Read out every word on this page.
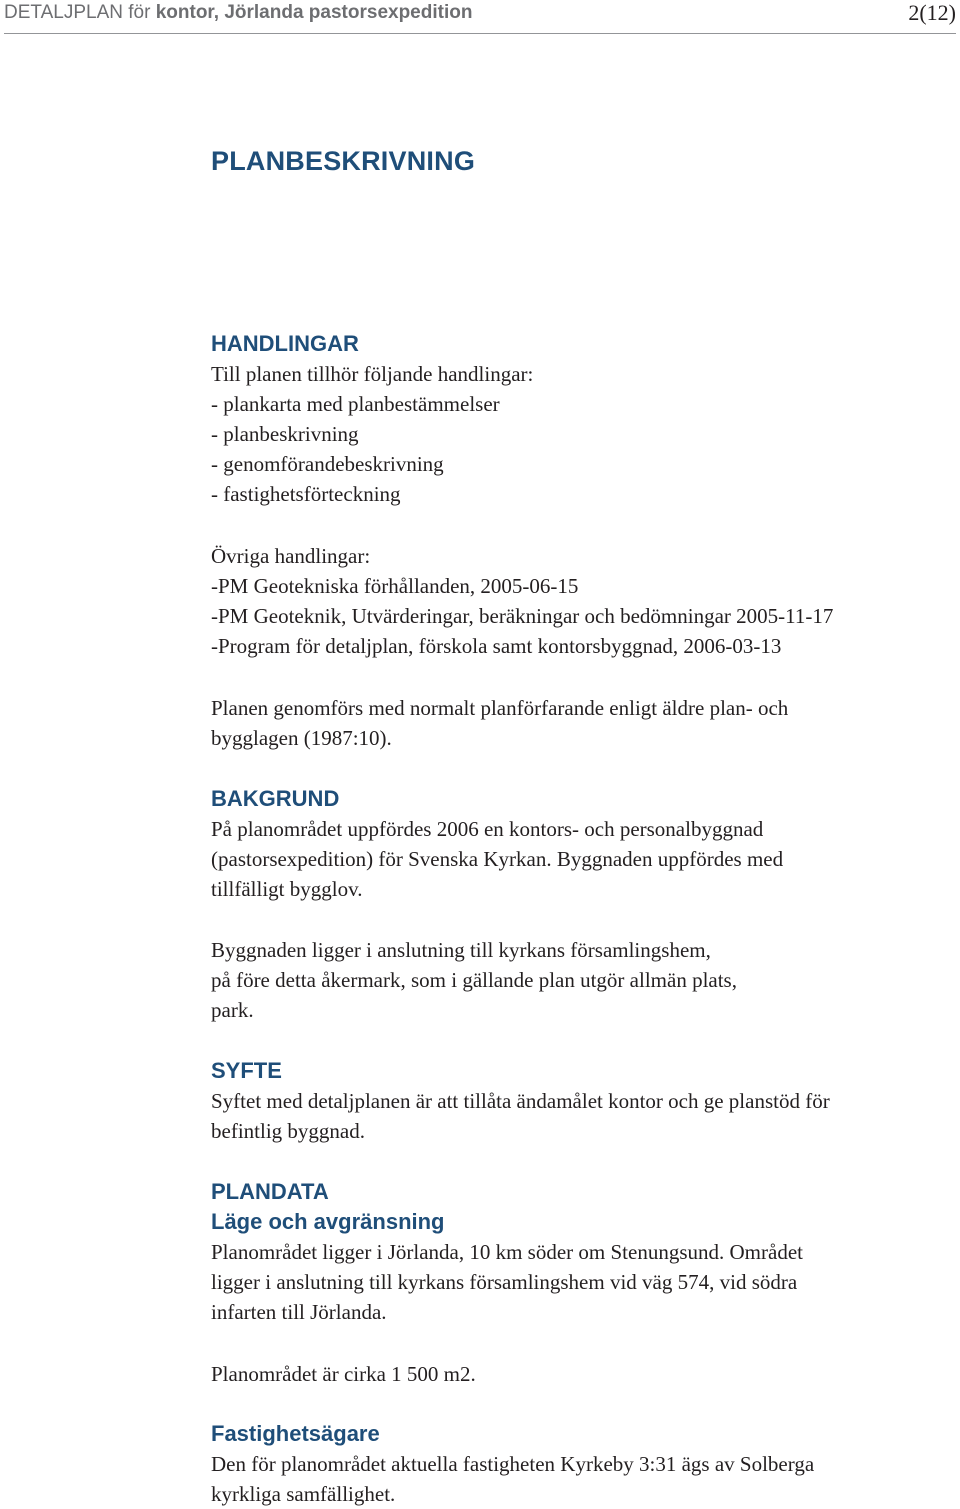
DETALJPLAN för kontor, Jörlanda pastorsexpedition	2(12)
PLANBESKRIVNING
HANDLINGAR

Till planen tillhör följande handlingar:
- plankarta med planbestämmelser
- planbeskrivning
- genomförandebeskrivning
- fastighetsförteckning

Övriga handlingar:
-PM Geotekniska förhållanden, 2005-06-15
-PM Geoteknik, Utvärderingar, beräkningar och bedömningar 2005-11-17
-Program för detaljplan, förskola samt kontorsbyggnad, 2006-03-13

Planen genomförs med normalt planförfarande enligt äldre plan- och
bygglagen (1987:10).

BAKGRUND

På planområdet uppfördes 2006 en kontors- och personalbyggnad
(pastorsexpedition) för Svenska Kyrkan. Byggnaden uppfördes med
tillfälligt bygglov.

Byggnaden ligger i anslutning till kyrkans församlingshem,
på före detta åkermark, som i gällande plan utgör allmän plats,
park.

SYFTE

Syftet med detaljplanen är att tillåta ändamålet kontor och ge planstöd för
befintlig byggnad.

PLANDATA
Läge och avgränsning

Planområdet ligger i Jörlanda, 10 km söder om Stenungsund. Området
ligger i anslutning till kyrkans församlingshem vid väg 574, vid södra
infarten till Jörlanda.

Planområdet är cirka 1 500 m2.

Fastighetsägare

Den för planområdet aktuella fastigheten Kyrkeby 3:31 ägs av Solberga
kyrkliga samfällighet.
